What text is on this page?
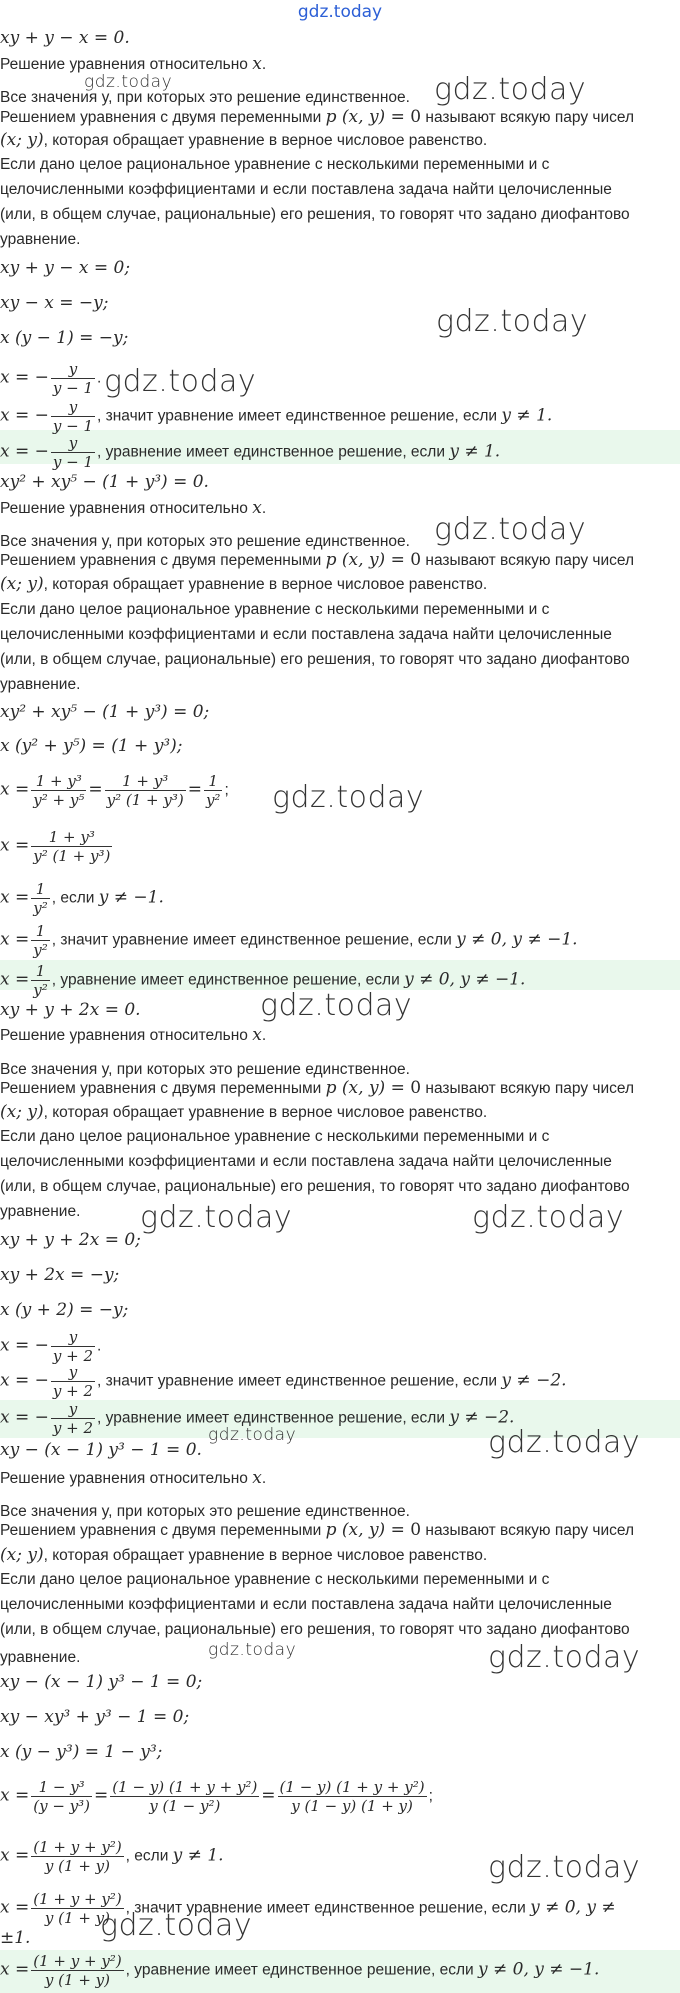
gdz.today
xy + y − x = 0.
Решение уравнения относительно x.
Все значения y, при которых это решение единственное.
Решением уравнения с двумя переменными p (x, y) = 0 называют всякую пару чисел
(x; y), которая обращает уравнение в верное числовое равенство.
Если дано целое рациональное уравнение с несколькими переменными и с
целочисленными коэффициентами и если поставлена задача найти целочисленные
(или, в общем случае, рациональные) его решения, то говорят что задано диофантово
уравнение.
xy + y − x = 0;
xy − x = −y;
x (y − 1) = −y;
x = − $\frac{y}{y - 1}$ .
x = − $\frac{y}{y - 1}$ , значит уравнение имеет единственное решение, если y ≠ 1.
x = − $\frac{y}{y - 1}$ , уравнение имеет единственное решение, если y ≠ 1.
xy² + xy⁵ − (1 + y³) = 0.
Решение уравнения относительно x.
Все значения y, при которых это решение единственное.
Решением уравнения с двумя переменными p (x, y) = 0 называют всякую пару чисел
(x; y), которая обращает уравнение в верное числовое равенство.
Если дано целое рациональное уравнение с несколькими переменными и с
целочисленными коэффициентами и если поставлена задача найти целочисленные
(или, в общем случае, рациональные) его решения, то говорят что задано диофантово
уравнение.
xy² + xy⁵ − (1 + y³) = 0;
x (y² + y⁵) = (1 + y³);
$x = \frac{\text{1 + y³}}{\text{y² + y⁵}} = \frac{\text{1 + y³}}{\text{y² (1 + y³)}} = \frac{1}{\text{y²}}$ ;
$x = \frac{\text{1 + y³}}{\text{y² (1 + y³)}}$
$x = \frac{1}{\text{y²}}$ , если y ≠ −1.
$x = \frac{1}{\text{y²}}$ , значит уравнение имеет единственное решение, если y ≠ 0, y ≠ −1.
$x = \frac{1}{\text{y²}}$ , уравнение имеет единственное решение, если y ≠ 0, y ≠ −1.
xy + y + 2x = 0.
Решение уравнения относительно x.
Все значения y, при которых это решение единственное.
Решением уравнения с двумя переменными p (x, y) = 0 называют всякую пару чисел
(x; y), которая обращает уравнение в верное числовое равенство.
Если дано целое рациональное уравнение с несколькими переменными и с
целочисленными коэффициентами и если поставлена задача найти целочисленные
(или, в общем случае, рациональные) его решения, то говорят что задано диофантово
уравнение.
xy + y + 2x = 0;
xy + 2x = −y;
x (y + 2) = −y;
x = − $\frac{y}{y + 2}$ .
x = − $\frac{y}{y + 2}$ , значит уравнение имеет единственное решение, если y ≠ −2.
x = − $\frac{y}{y + 2}$ , уравнение имеет единственное решение, если y ≠ −2.
xy − (x − 1) y³ − 1 = 0.
Решение уравнения относительно x.
Все значения y, при которых это решение единственное.
Решением уравнения с двумя переменными p (x, y) = 0 называют всякую пару чисел
(x; y), которая обращает уравнение в верное числовое равенство.
Если дано целое рациональное уравнение с несколькими переменными и с
целочисленными коэффициентами и если поставлена задача найти целочисленные
(или, в общем случае, рациональные) его решения, то говорят что задано диофантово
уравнение.
xy − (x − 1) y³ − 1 = 0;
xy − xy³ + y³ − 1 = 0;
x (y − y³) = 1 − y³;
$x = \frac{\text{1 − y³}}{\text{(y − y³)}} = \frac{\text{(1 − y) (1 + y + y²)}}{\text{y (1 − y²)}} = \frac{\text{(1 − y) (1 + y + y²)}}{y (1 - y) (1 + y)}$ ;
$x = \frac{\text{(1 + y + y²)}}{y (1 + y)}$ , если y ≠ 1.
$x = \frac{\text{(1 + y + y²)}}{y (1 + y)}$ , значит уравнение имеет единственное решение, если y ≠ 0, y ≠
±1.
$x = \frac{\text{(1 + y + y²)}}{y (1 + y)}$ , уравнение имеет единственное решение, если y ≠ 0, y ≠ −1.
gdz.today
gdz.today
gdz.today
gdz.today
gdz.today
gdz.today
gdz.today
gdz.today	gdz.today
gdz.today	gdz.today
gdz.today	gdz.today
gdz.today
gdz.today
